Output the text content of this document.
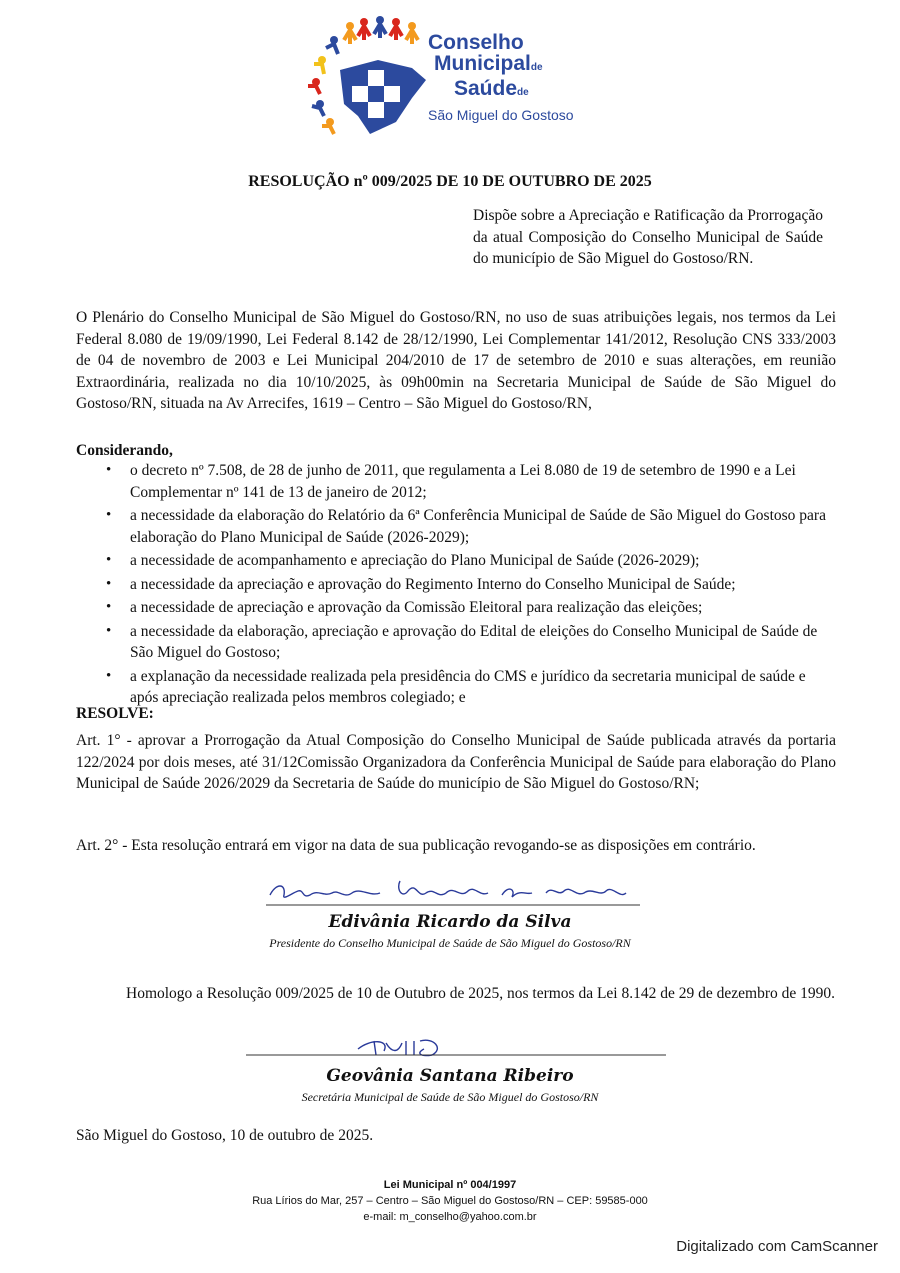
Conselho
Municipalde
Saúdede
São Miguel do Gostoso
RESOLUÇÃO nº 009/2025 DE 10 DE OUTUBRO DE 2025
Dispõe sobre a Apreciação e Ratificação da Prorrogação da atual Composição do Conselho Municipal de Saúde do município de São Miguel do Gostoso/RN.
O Plenário do Conselho Municipal de São Miguel do Gostoso/RN, no uso de suas atribuições legais, nos termos da Lei Federal 8.080 de 19/09/1990, Lei Federal 8.142 de 28/12/1990, Lei Complementar 141/2012, Resolução CNS 333/2003 de 04 de novembro de 2003 e Lei Municipal 204/2010 de 17 de setembro de 2010 e suas alterações, em reunião Extraordinária, realizada no dia 10/10/2025, às 09h00min na Secretaria Municipal de Saúde de São Miguel do Gostoso/RN, situada na Av Arrecifes, 1619 – Centro – São Miguel do Gostoso/RN,
Considerando,
• o decreto nº 7.508, de 28 de junho de 2011, que regulamenta a Lei 8.080 de 19 de setembro de 1990 e a Lei Complementar nº 141 de 13 de janeiro de 2012;
• a necessidade da elaboração do Relatório da 6ª Conferência Municipal de Saúde de São Miguel do Gostoso para elaboração do Plano Municipal de Saúde (2026-2029);
• a necessidade de acompanhamento e apreciação do Plano Municipal de Saúde (2026-2029);
• a necessidade da apreciação e aprovação do Regimento Interno do Conselho Municipal de Saúde;
• a necessidade de apreciação e aprovação da Comissão Eleitoral para realização das eleições;
• a necessidade da elaboração, apreciação e aprovação do Edital de eleições do Conselho Municipal de Saúde de São Miguel do Gostoso;
• a explanação da necessidade realizada pela presidência do CMS e jurídico da secretaria municipal de saúde e após apreciação realizada pelos membros colegiado; e
RESOLVE:
Art. 1° - aprovar a Prorrogação da Atual Composição do Conselho Municipal de Saúde publicada através da portaria 122/2024 por dois meses, até 31/12Comissão Organizadora da Conferência Municipal de Saúde para elaboração do Plano Municipal de Saúde 2026/2029 da Secretaria de Saúde do município de São Miguel do Gostoso/RN;
Art. 2° - Esta resolução entrará em vigor na data de sua publicação revogando-se as disposições em contrário.
Edivânia Ricardo da Silva
Presidente do Conselho Municipal de Saúde de São Miguel do Gostoso/RN
Homologo a Resolução 009/2025 de 10 de Outubro de 2025, nos termos da Lei 8.142 de 29 de dezembro de 1990.
Geovânia Santana Ribeiro
Secretária Municipal de Saúde de São Miguel do Gostoso/RN
São Miguel do Gostoso, 10 de outubro de 2025.
Lei Municipal nº 004/1997
Rua Lírios do Mar, 257 – Centro – São Miguel do Gostoso/RN – CEP: 59585-000
e-mail: m_conselho@yahoo.com.br
Digitalizado com CamScanner
